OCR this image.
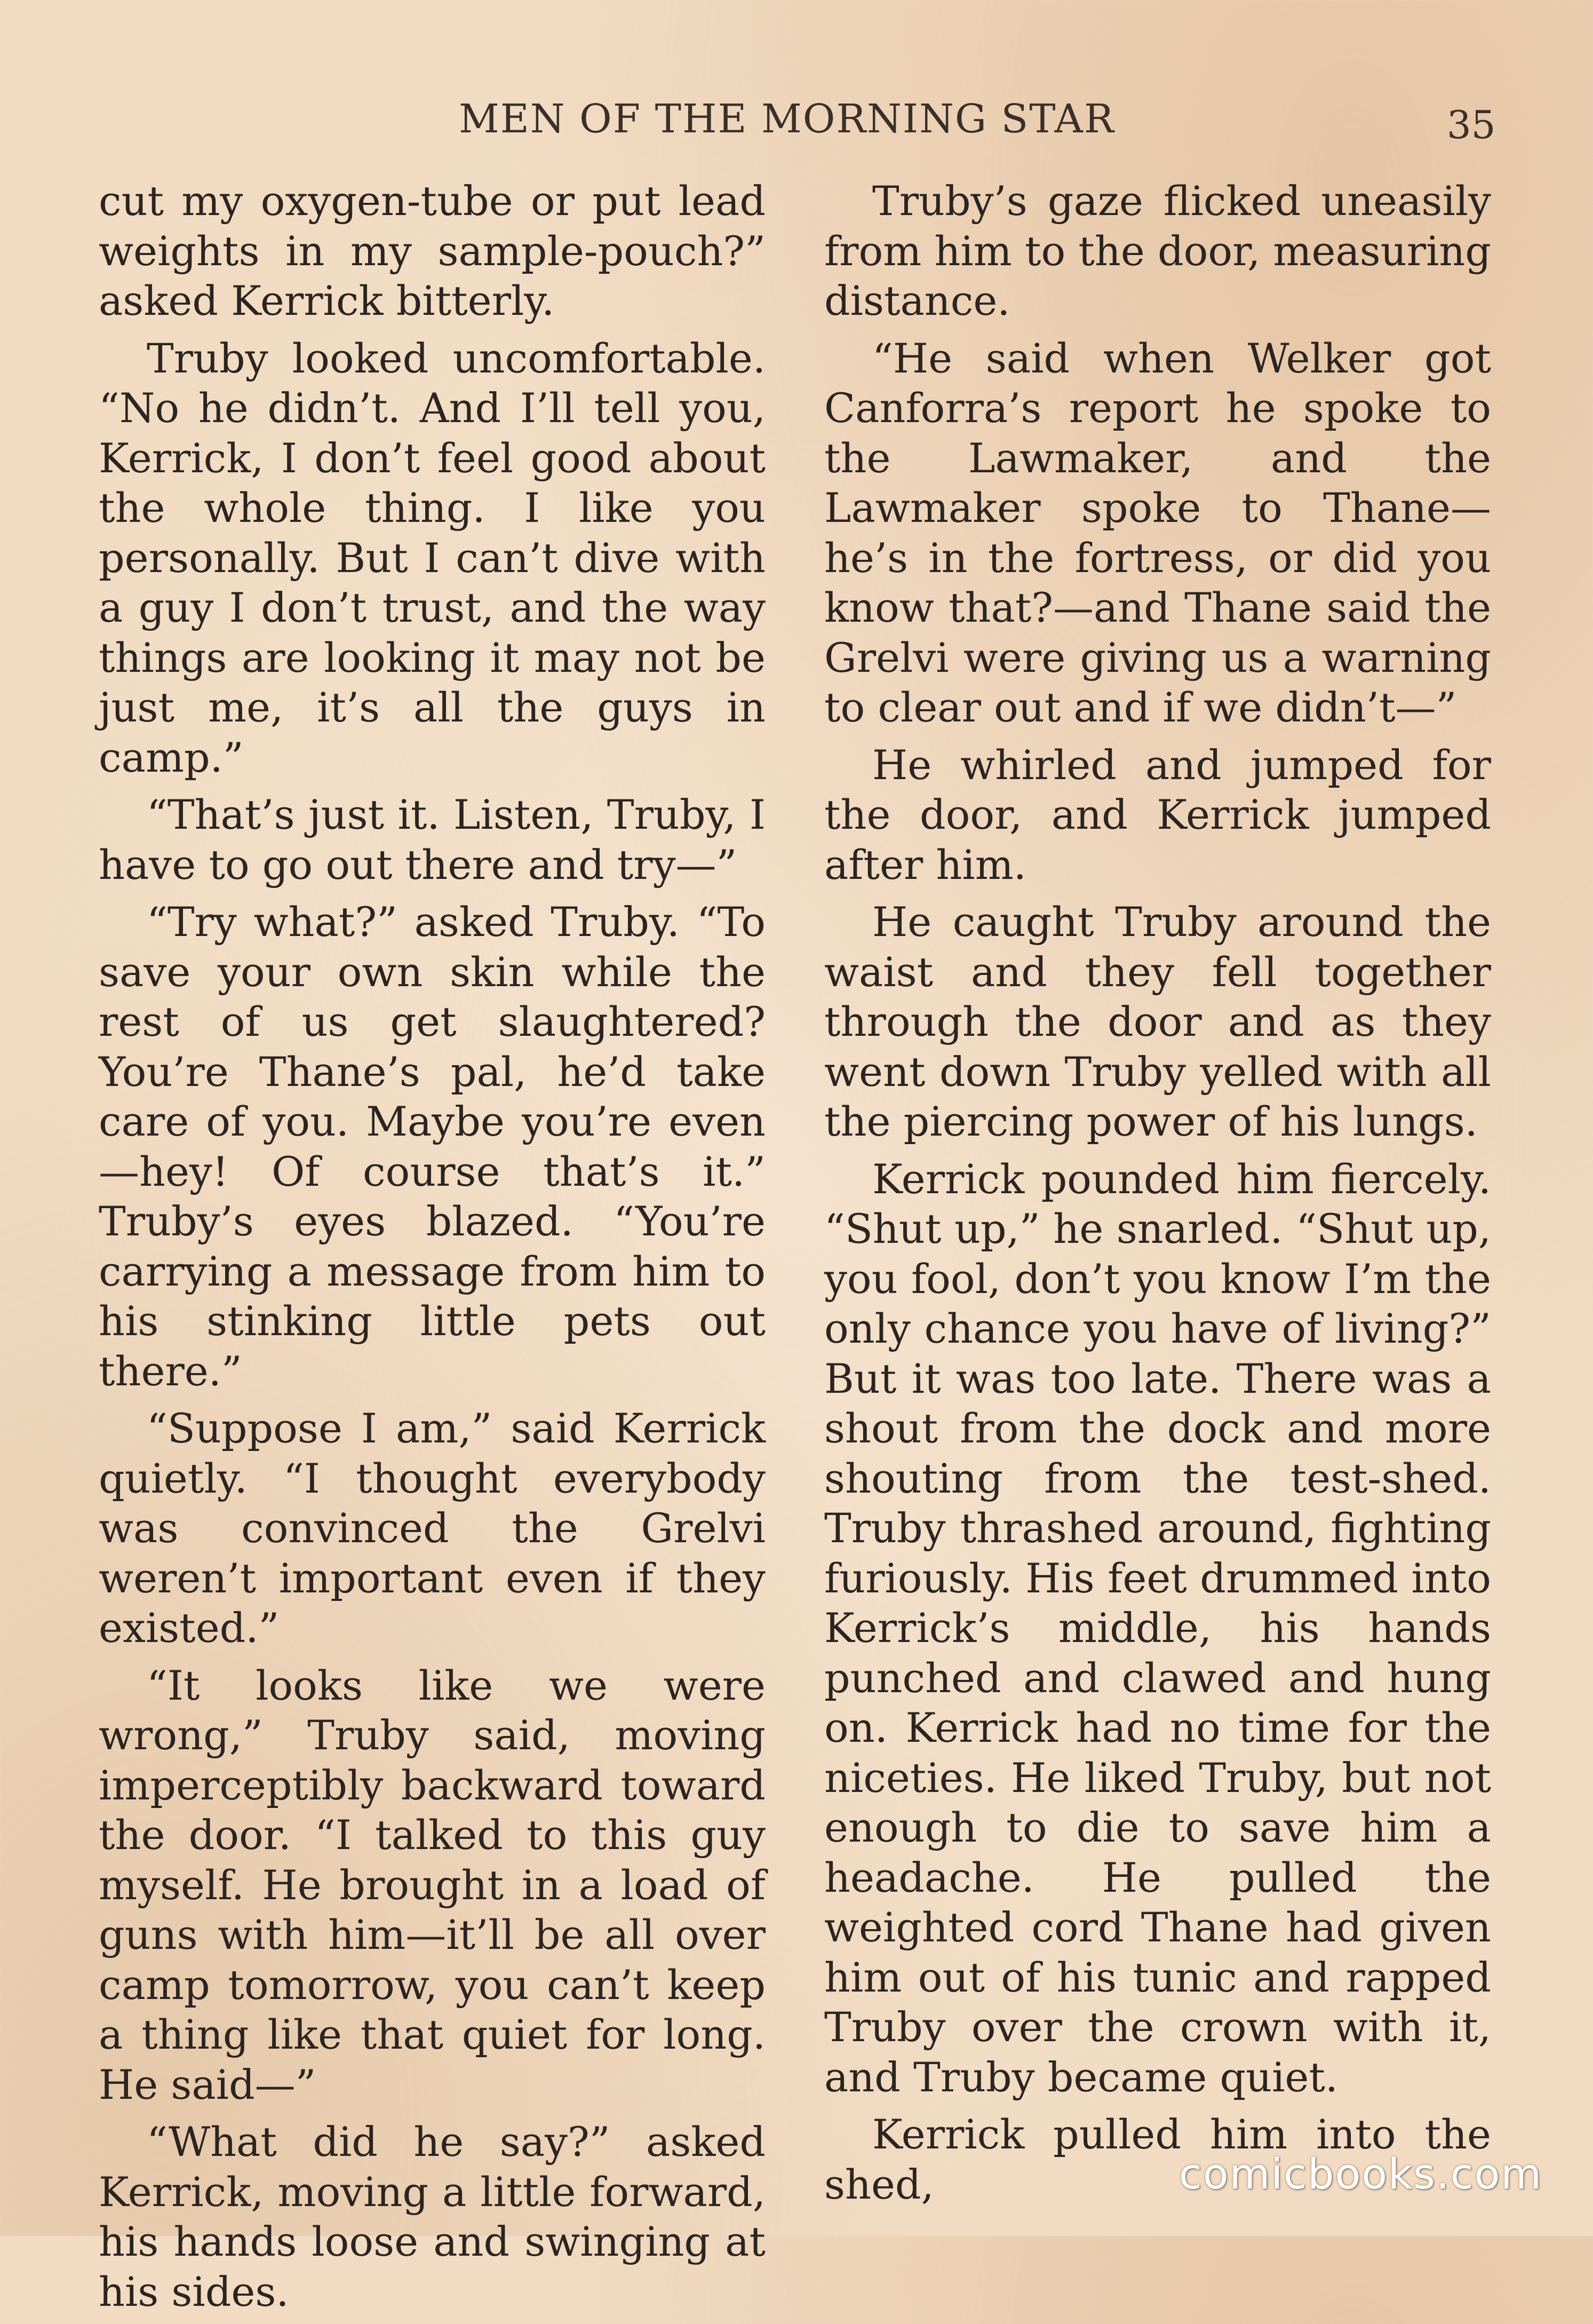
MEN OF THE MORNING STAR	35

cut my oxygen-tube or put lead weights in my sample-pouch?” asked Kerrick bitterly.

Truby looked uncomfortable. “No he didn’t. And I’ll tell you, Kerrick, I don’t feel good about the whole thing. I like you personally. But I can’t dive with a guy I don’t trust, and the way things are looking it may not be just me, it’s all the guys in camp.”

“That’s just it. Listen, Truby, I have to go out there and try—”

“Try what?” asked Truby. “To save your own skin while the rest of us get slaughtered? You’re Thane’s pal, he’d take care of you. Maybe you’re even—hey! Of course that’s it.” Truby’s eyes blazed. “You’re carrying a message from him to his stinking little pets out there.”

“Suppose I am,” said Kerrick quietly. “I thought everybody was convinced the Grelvi weren’t important even if they existed.”

“It looks like we were wrong,” Truby said, moving imperceptibly backward toward the door. “I talked to this guy myself. He brought in a load of guns with him—it’ll be all over camp tomorrow, you can’t keep a thing like that quiet for long. He said—”

“What did he say?” asked Kerrick, moving a little forward, his hands loose and swinging at his sides.

Truby’s gaze flicked uneasily from him to the door, measuring distance.

“He said when Welker got Canforra’s report he spoke to the Lawmaker, and the Lawmaker spoke to Thane—he’s in the fortress, or did you know that?—and Thane said the Grelvi were giving us a warning to clear out and if we didn’t—”

He whirled and jumped for the door, and Kerrick jumped after him.

He caught Truby around the waist and they fell together through the door and as they went down Truby yelled with all the piercing power of his lungs.

Kerrick pounded him fiercely. “Shut up,” he snarled. “Shut up, you fool, don’t you know I’m the only chance you have of living?” But it was too late. There was a shout from the dock and more shouting from the test-shed. Truby thrashed around, fighting furiously. His feet drummed into Kerrick’s middle, his hands punched and clawed and hung on. Kerrick had no time for the niceties. He liked Truby, but not enough to die to save him a headache. He pulled the weighted cord Thane had given him out of his tunic and rapped Truby over the crown with it, and Truby became quiet.

Kerrick pulled him into the shed,	comicbooks.com
